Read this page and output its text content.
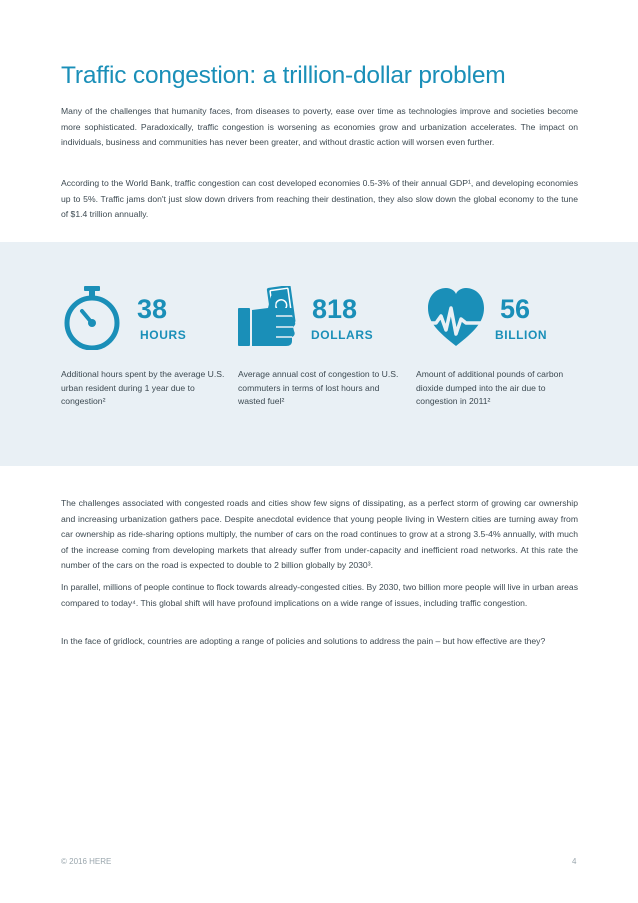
Traffic congestion: a trillion-dollar problem

Many of the challenges that humanity faces, from diseases to poverty, ease over time as technologies improve and societies become more sophisticated. Paradoxically, traffic congestion is worsening as economies grow and urbanization accelerates. The impact on individuals, business and communities has never been greater, and without drastic action will worsen even further.

According to the World Bank, traffic congestion can cost developed economies 0.5-3% of their annual GDP¹, and developing economies up to 5%. Traffic jams don't just slow down drivers from reaching their destination, they also slow down the global economy to the tune of $1.4 trillion annually.

38
HOURS

Additional hours spent by the average U.S. urban resident during 1 year due to congestion²

818
DOLLARS

Average annual cost of congestion to U.S. commuters in terms of lost hours and wasted fuel²

56
BILLION

Amount of additional pounds of carbon dioxide dumped into the air due to congestion in 2011²

The challenges associated with congested roads and cities show few signs of dissipating, as a perfect storm of growing car ownership and increasing urbanization gathers pace. Despite anecdotal evidence that young people living in Western cities are turning away from car ownership as ride-sharing options multiply, the number of cars on the road continues to grow at a strong 3.5-4% annually, with much of the increase coming from developing markets that already suffer from under-capacity and inefficient road networks. At this rate the number of the cars on the road is expected to double to 2 billion globally by 2030³.

In parallel, millions of people continue to flock towards already-congested cities. By 2030, two billion more people will live in urban areas compared to today⁴. This global shift will have profound implications on a wide range of issues, including traffic congestion.

In the face of gridlock, countries are adopting a range of policies and solutions to address the pain – but how effective are they?

© 2016 HERE	4
